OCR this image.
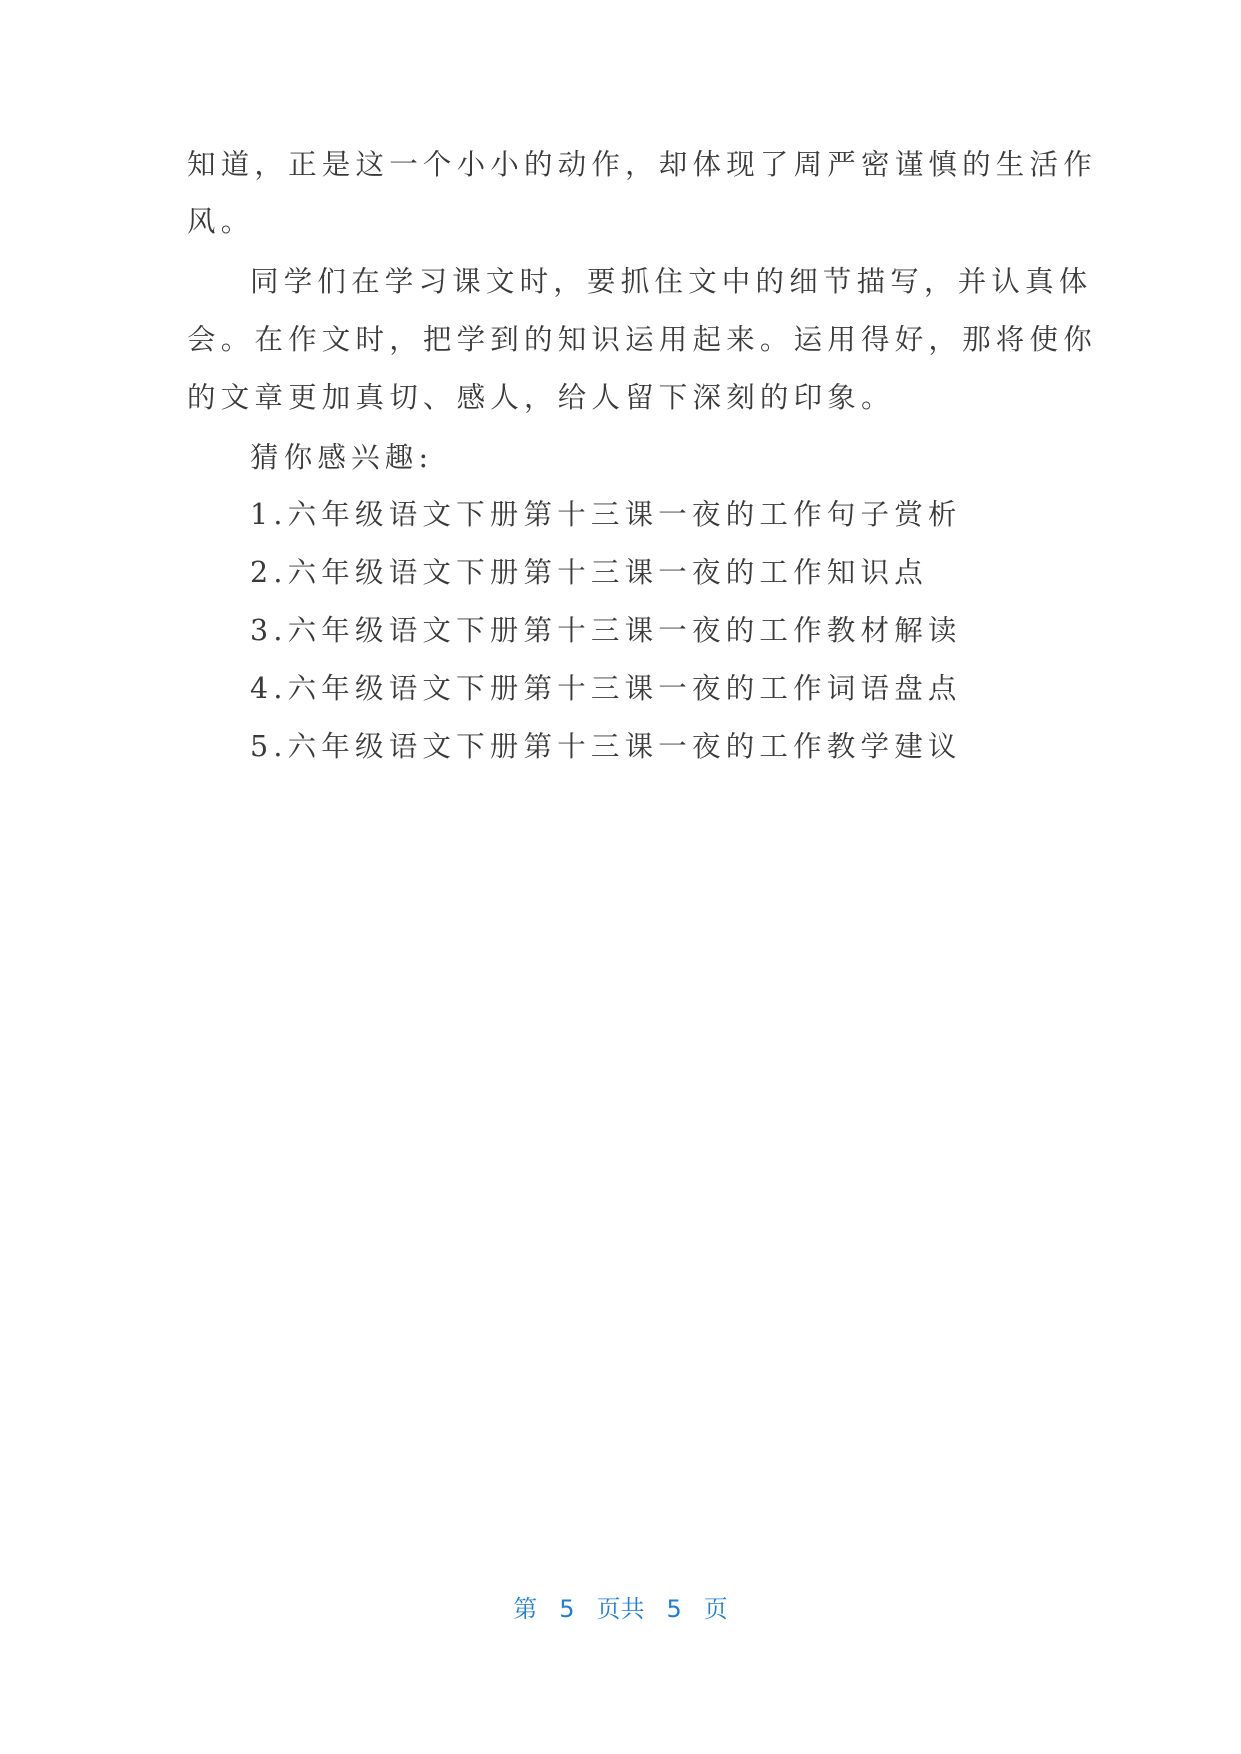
知道，正是这一个小小的动作，却体现了周严密谨慎的生活作
风。
同学们在学习课文时，要抓住文中的细节描写，并认真体
会。在作文时，把学到的知识运用起来。运用得好，那将使你
的文章更加真切、感人，给人留下深刻的印象。
猜你感兴趣:
1.六年级语文下册第十三课一夜的工作句子赏析
2.六年级语文下册第十三课一夜的工作知识点
3.六年级语文下册第十三课一夜的工作教材解读
4.六年级语文下册第十三课一夜的工作词语盘点
5.六年级语文下册第十三课一夜的工作教学建议
第 5 页共 5 页
